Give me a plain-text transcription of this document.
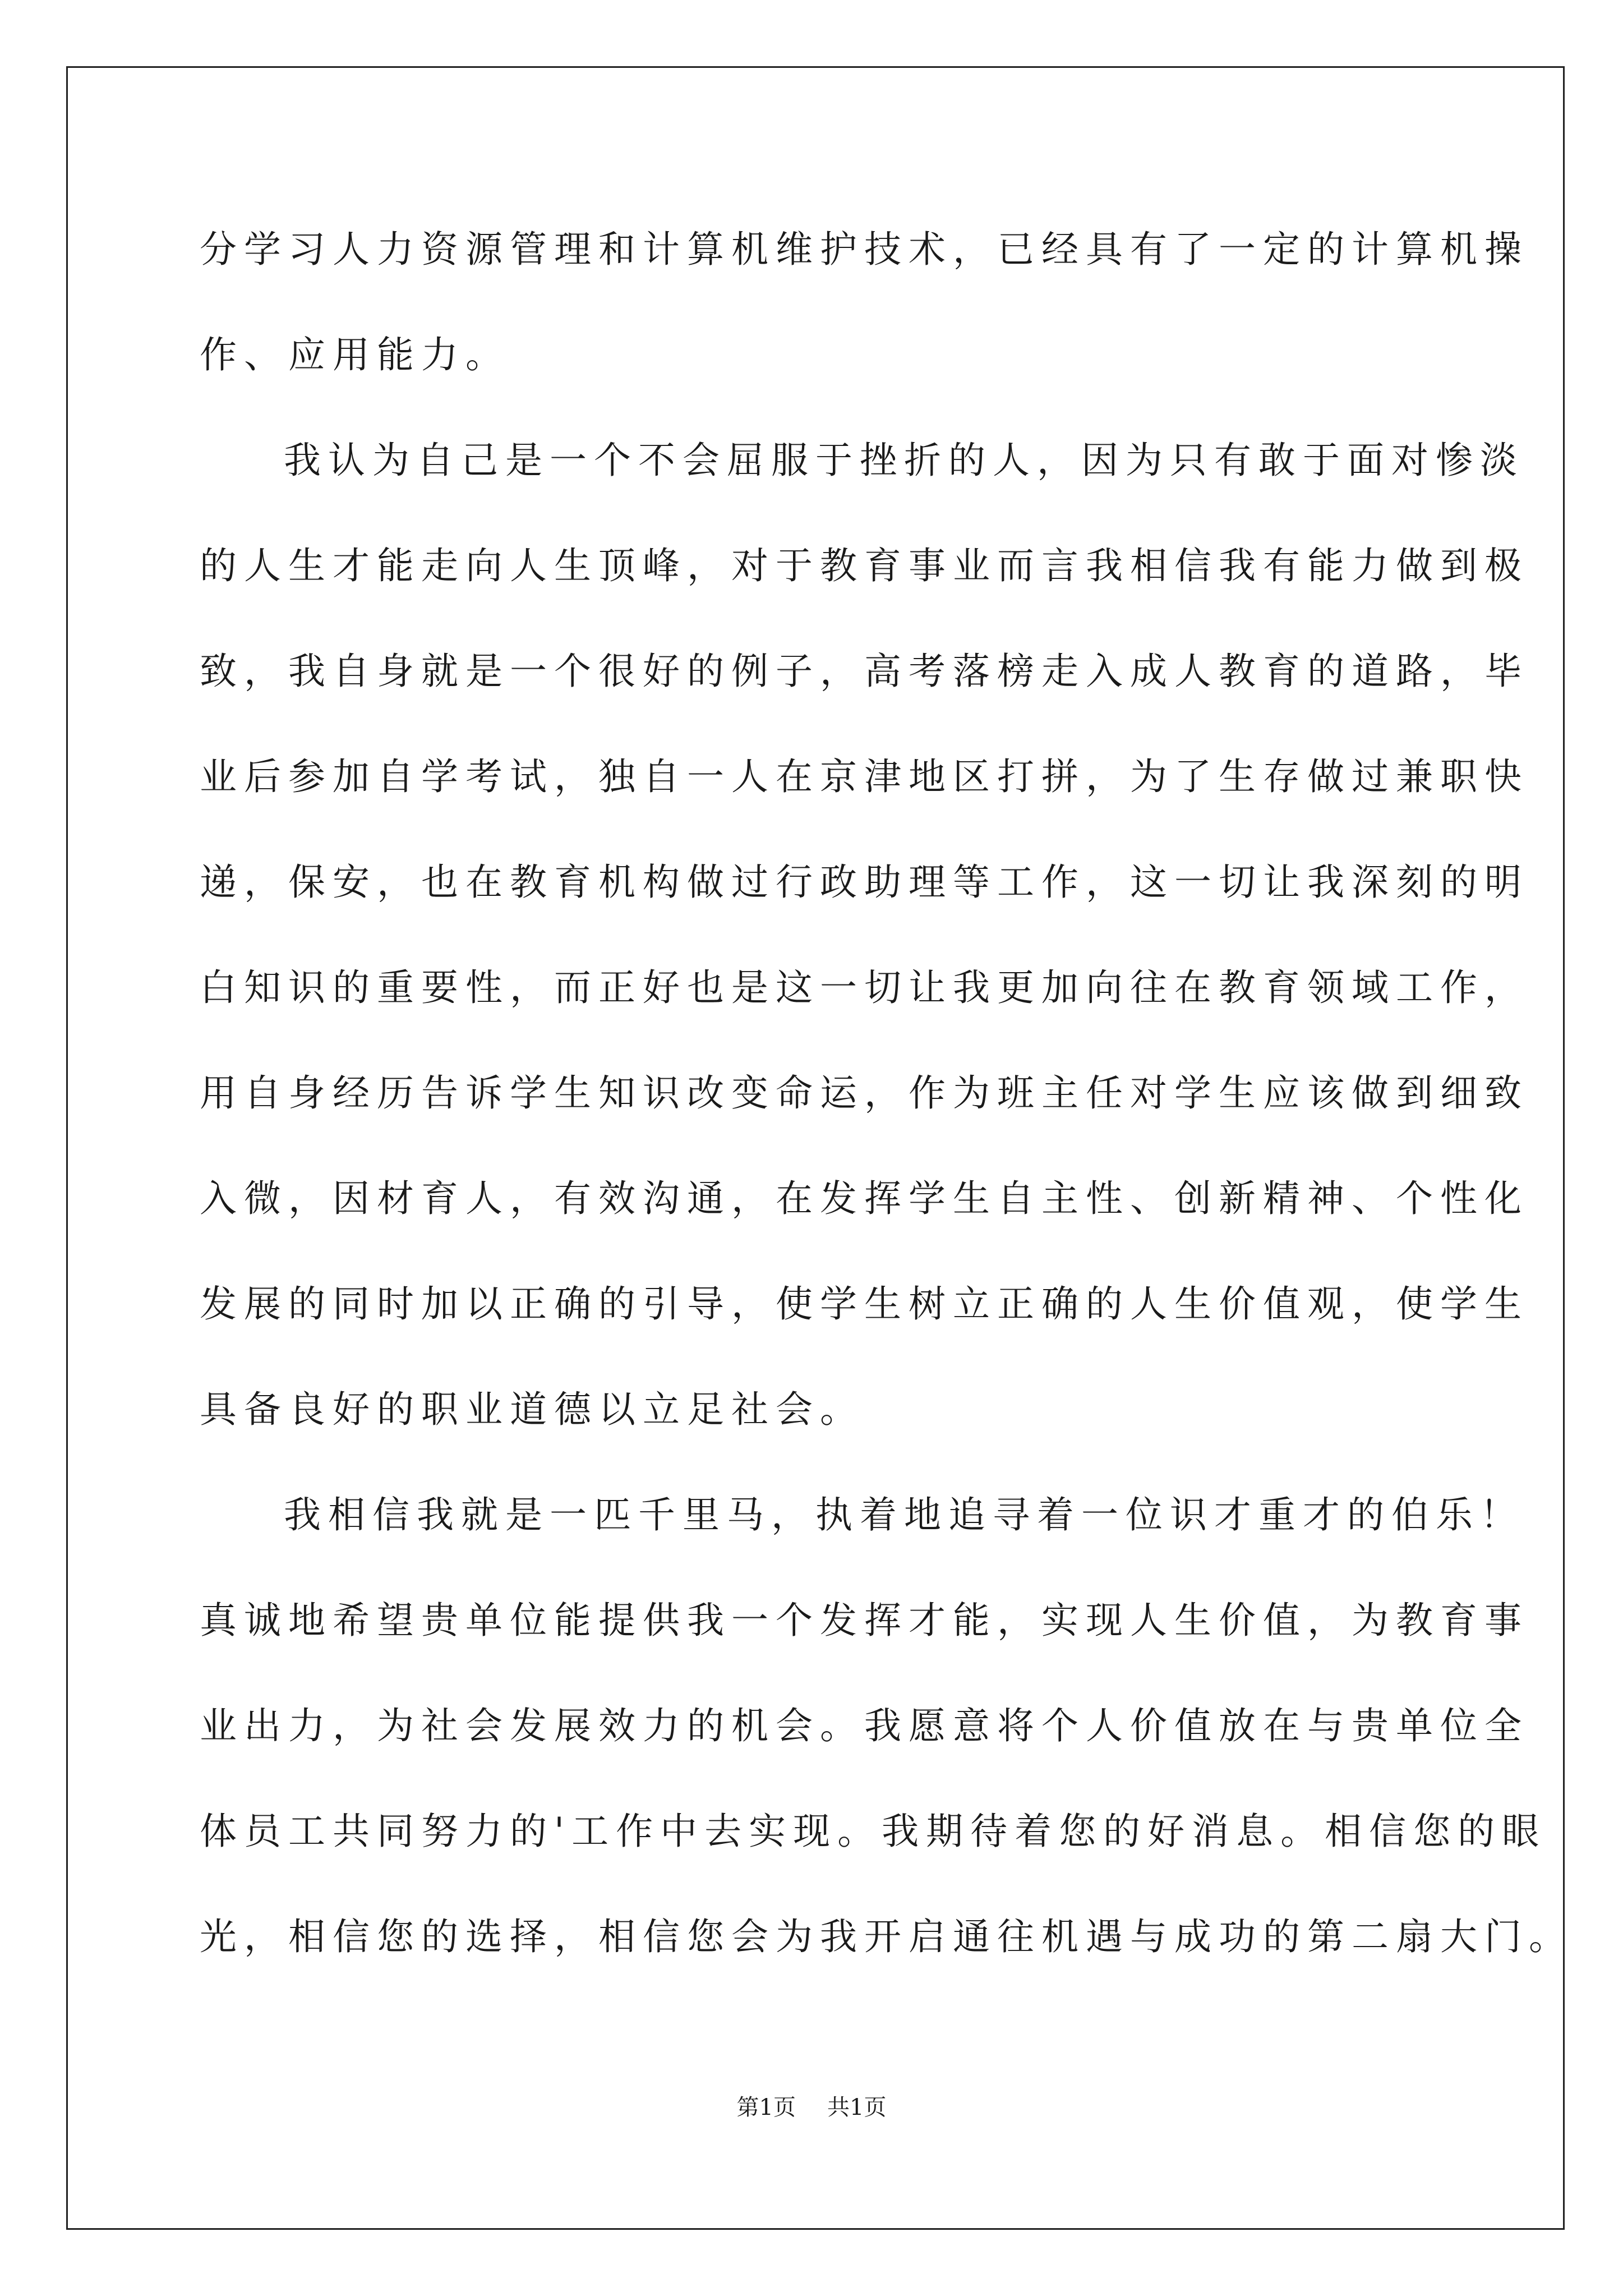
分学习人力资源管理和计算机维护技术，已经具有了一定的计算机操
作、应用能力。
我认为自己是一个不会屈服于挫折的人，因为只有敢于面对惨淡
的人生才能走向人生顶峰，对于教育事业而言我相信我有能力做到极
致，我自身就是一个很好的例子，高考落榜走入成人教育的道路，毕
业后参加自学考试，独自一人在京津地区打拼，为了生存做过兼职快
递，保安，也在教育机构做过行政助理等工作，这一切让我深刻的明
白知识的重要性，而正好也是这一切让我更加向往在教育领域工作，
用自身经历告诉学生知识改变命运，作为班主任对学生应该做到细致
入微，因材育人，有效沟通，在发挥学生自主性、创新精神、个性化
发展的同时加以正确的引导，使学生树立正确的人生价值观，使学生
具备良好的职业道德以立足社会。
我相信我就是一匹千里马，执着地追寻着一位识才重才的伯乐！
真诚地希望贵单位能提供我一个发挥才能，实现人生价值，为教育事
业出力，为社会发展效力的机会。我愿意将个人价值放在与贵单位全
体员工共同努力的'工作中去实现。我期待着您的好消息。相信您的眼
光，相信您的选择，相信您会为我开启通往机遇与成功的第二扇大门。
第1页 共1页
